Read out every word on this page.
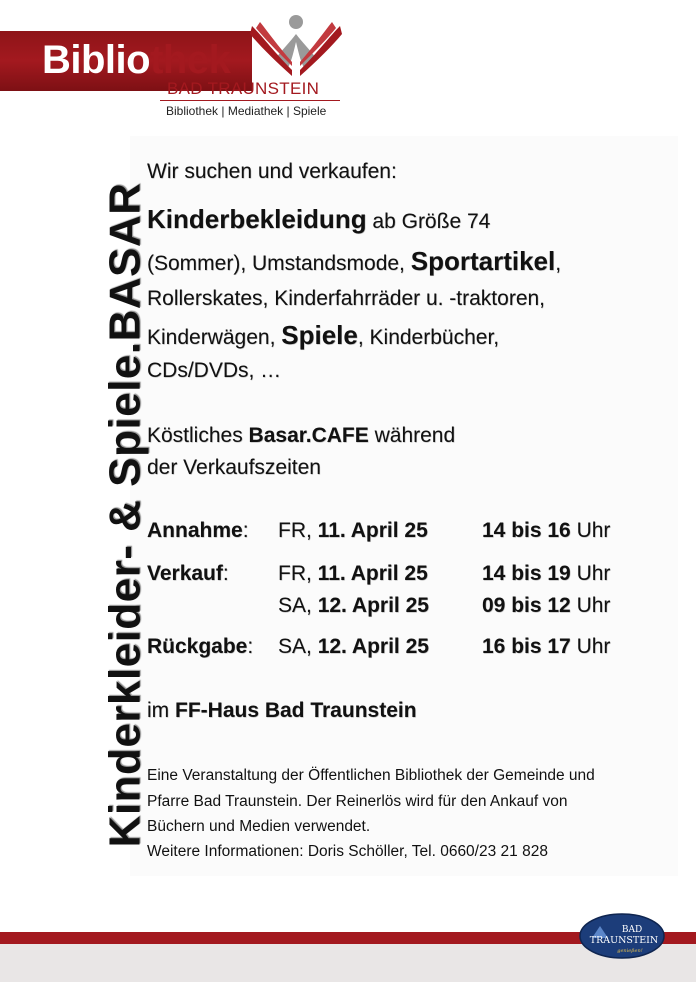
Bibliothek
BAD TRAUNSTEIN
Bibliothek | Mediathek | Spiele
Kinderkleider- & Spiele.BASAR
Wir suchen und verkaufen:
Kinderbekleidung ab Größe 74
(Sommer), Umstandsmode, Sportartikel,
Rollerskates, Kinderfahrräder u. -traktoren,
Kinderwägen, Spiele, Kinderbücher,
CDs/DVDs, …
Köstliches Basar.CAFE während
der Verkaufszeiten
Annahme: FR, 11. April 25	14 bis 16 Uhr
Verkauf: FR, 11. April 25	14 bis 19 Uhr
SA, 12. April 25	09 bis 12 Uhr
Rückgabe: SA, 12. April 25	16 bis 17 Uhr
im FF-Haus Bad Traunstein
Eine Veranstaltung der Öffentlichen Bibliothek der Gemeinde und
Pfarre Bad Traunstein. Der Reinerlös wird für den Ankauf von
Büchern und Medien verwendet.
Weitere Informationen: Doris Schöller, Tel. 0660/23 21 828
BAD
TRAUNSTEIN
genießen!
